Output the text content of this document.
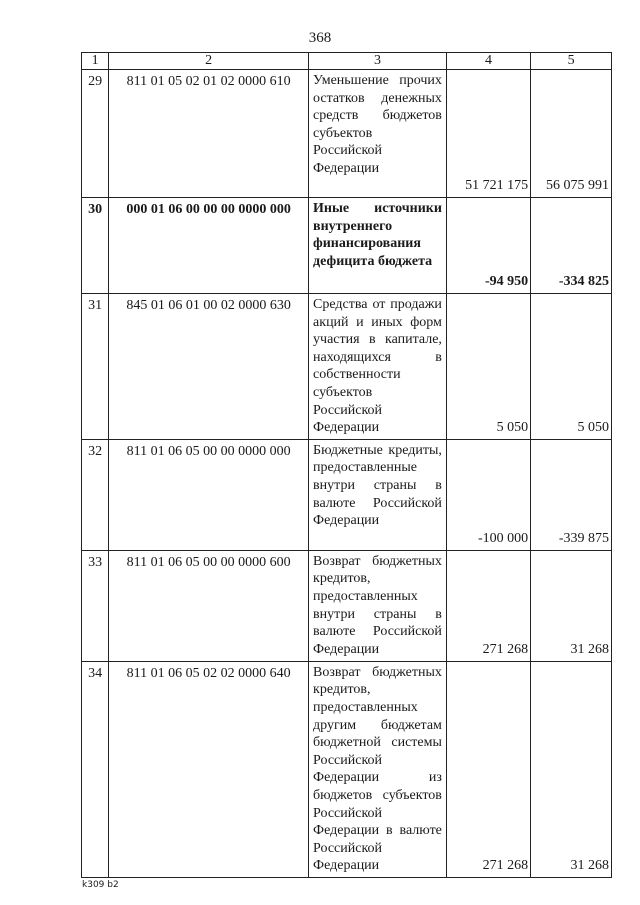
368
1	2	3	4	5
29	811 01 05 02 01 02 0000 610	Уменьшение прочих остатков денежных средств бюджетов субъектов Российской Федерации	51 721 175	56 075 991
30	000 01 06 00 00 00 0000 000	Иные источники внутреннего финансирования дефицита бюджета	-94 950	-334 825
31	845 01 06 01 00 02 0000 630	Средства от продажи акций и иных форм участия в капитале, находящихся в собственности субъектов Российской Федерации	5 050	5 050
32	811 01 06 05 00 00 0000 000	Бюджетные кредиты, предоставленные внутри страны в валюте Российской Федерации	-100 000	-339 875
33	811 01 06 05 00 00 0000 600	Возврат бюджетных кредитов, предоставленных внутри страны в валюте Российской Федерации	271 268	31 268
34	811 01 06 05 02 02 0000 640	Возврат бюджетных кредитов, предоставленных другим бюджетам бюджетной системы Российской Федерации из бюджетов субъектов Российской Федерации в валюте Российской Федерации	271 268	31 268
k309 b2
